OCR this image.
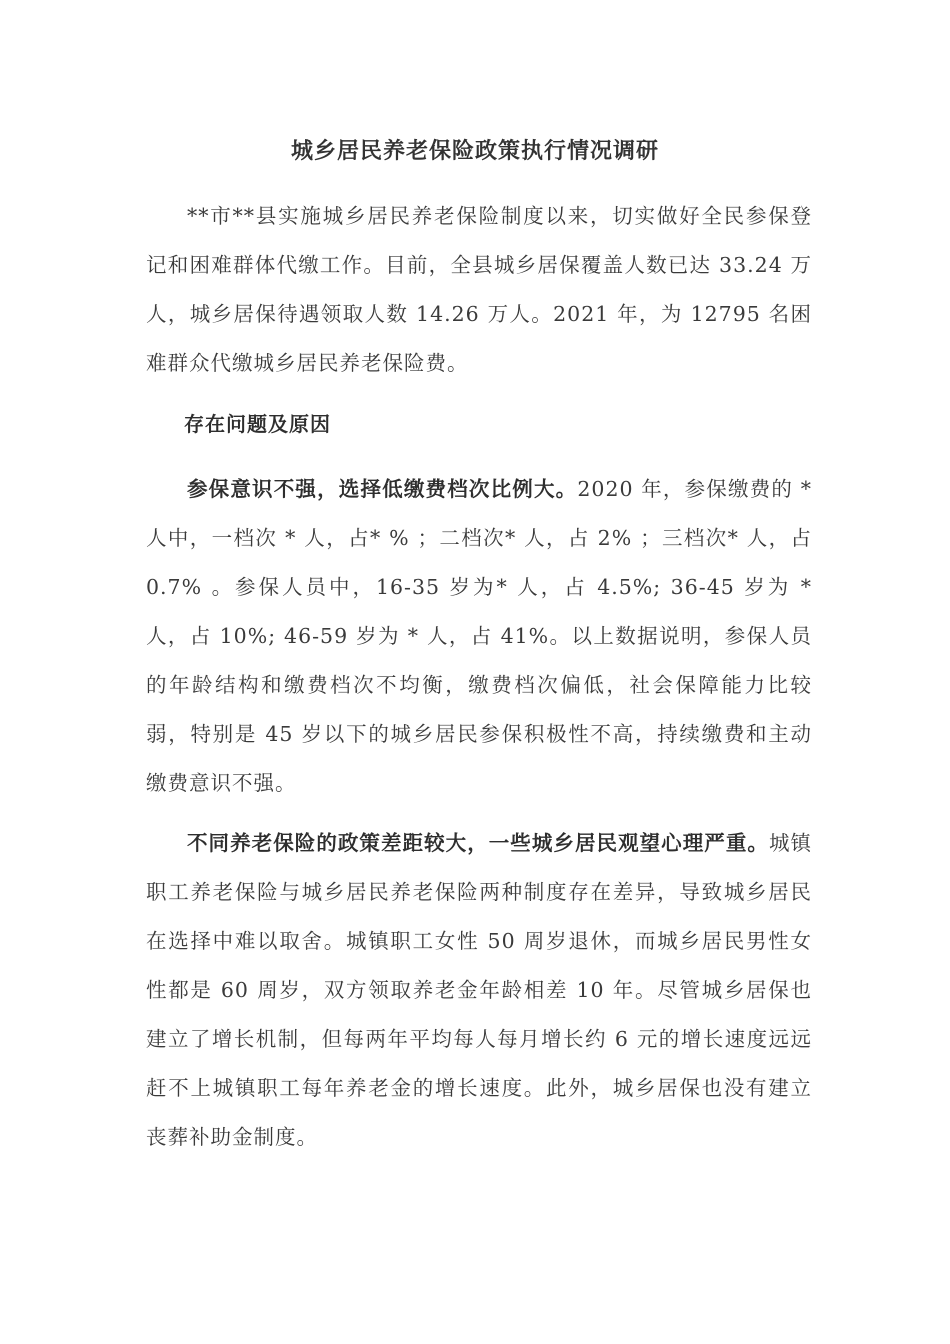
城乡居民养老保险政策执行情况调研

**市**县实施城乡居民养老保险制度以来，切实做好全民参保登记和困难群体代缴工作。目前，全县城乡居保覆盖人数已达 33.24 万人，城乡居保待遇领取人数 14.26 万人。2021 年，为 12795 名困难群众代缴城乡居民养老保险费。

存在问题及原因

参保意识不强，选择低缴费档次比例大。2020 年，参保缴费的 * 人中，一档次 * 人，占* % ；二档次* 人，占 2% ；三档次* 人，占 0.7% 。参保人员中，16-35 岁为* 人，占 4.5%; 36-45 岁为 * 人，占 10%; 46-59 岁为 * 人，占 41%。以上数据说明，参保人员的年龄结构和缴费档次不均衡，缴费档次偏低，社会保障能力比较弱，特别是 45 岁以下的城乡居民参保积极性不高，持续缴费和主动缴费意识不强。

不同养老保险的政策差距较大，一些城乡居民观望心理严重。城镇职工养老保险与城乡居民养老保险两种制度存在差异，导致城乡居民在选择中难以取舍。城镇职工女性 50 周岁退休，而城乡居民男性女性都是 60 周岁，双方领取养老金年龄相差 10 年。尽管城乡居保也建立了增长机制，但每两年平均每人每月增长约 6 元的增长速度远远赶不上城镇职工每年养老金的增长速度。此外，城乡居保也没有建立丧葬补助金制度。
